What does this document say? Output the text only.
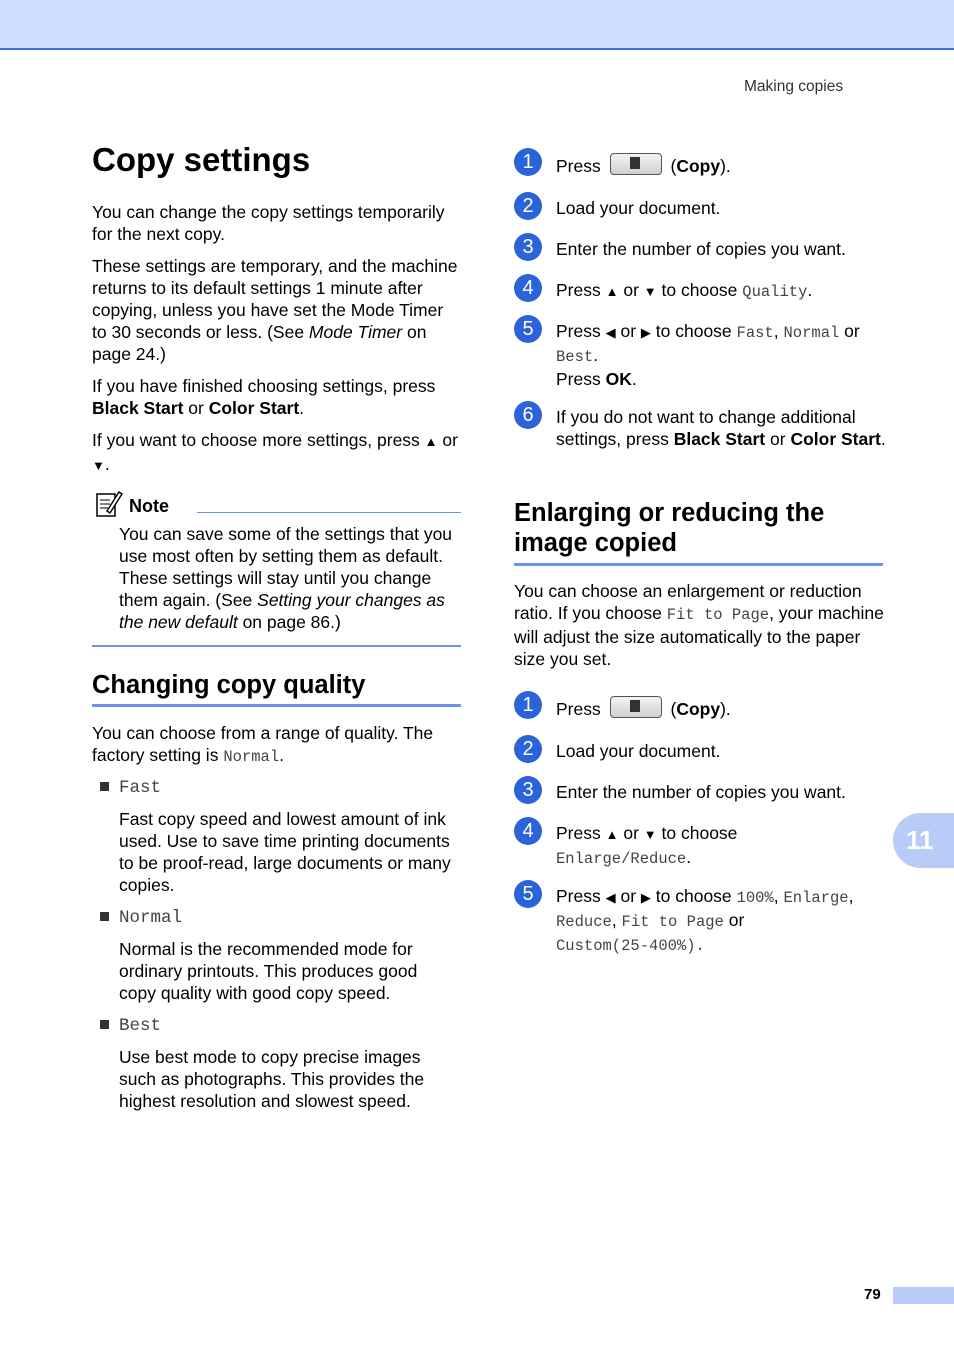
Making copies
Copy settings

You can change the copy settings temporarily for the next copy.

These settings are temporary, and the machine returns to its default settings 1 minute after copying, unless you have set the Mode Timer to 30 seconds or less. (See Mode Timer on page 24.)

If you have finished choosing settings, press Black Start or Color Start.

If you want to choose more settings, press ▲ or ▼.

Note
You can save some of the settings that you use most often by setting them as default. These settings will stay until you change them again. (See Setting your changes as the new default on page 86.)
Changing copy quality
You can choose from a range of quality. The factory setting is Normal.
Fast
Fast copy speed and lowest amount of ink used. Use to save time printing documents to be proof-read, large documents or many copies.
Normal
Normal is the recommended mode for ordinary printouts. This produces good copy quality with good copy speed.
Best
Use best mode to copy precise images such as photographs. This provides the highest resolution and slowest speed.
1	Press	(Copy).
2	Load your document.
3	Enter the number of copies you want.
4	Press ▲ or ▼ to choose Quality.
5	Press ◀ or ▶ to choose Fast, Normal or Best.
Press OK.
6	If you do not want to change additional settings, press Black Start or Color Start.
Enlarging or reducing the image copied
You can choose an enlargement or reduction ratio. If you choose Fit to Page, your machine will adjust the size automatically to the paper size you set.
1	Press	(Copy).
2	Load your document.
3	Enter the number of copies you want.
4	Press ▲ or ▼ to choose
Enlarge/Reduce.
5	Press ◀ or ▶ to choose 100%, Enlarge,
Reduce, Fit to Page or
Custom(25-400%).
11
79
